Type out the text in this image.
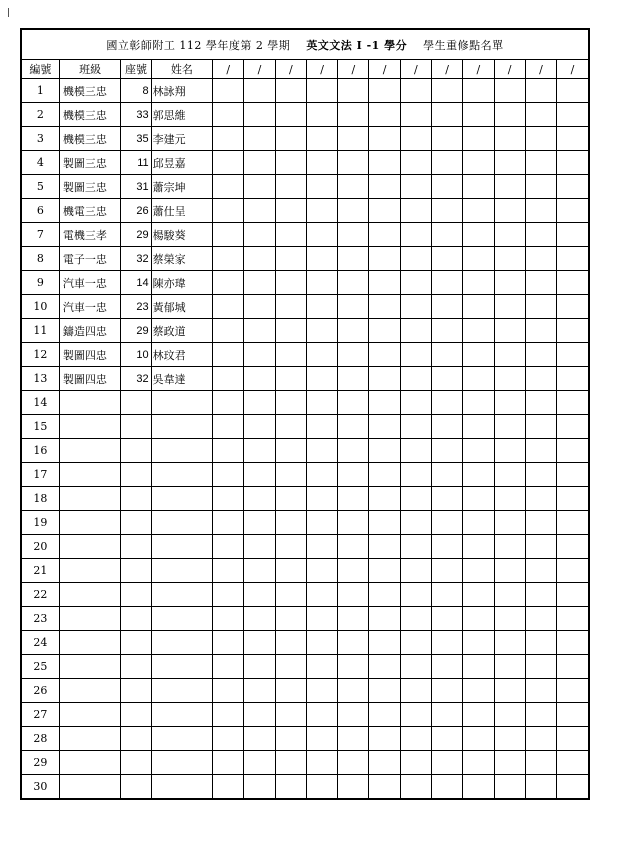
國立彰師附工 112 學年度第 2 學期 英文文法 I -1 學分 學生重修點名單															
編號	班級	座號	姓名	/	/	/	/	/	/	/	/	/	/	/	/
1	機模三忠	8	林詠翔												
2	機模三忠	33	郭思維												
3	機模三忠	35	李建元												
4	製圖三忠	11	邱昱嘉												
5	製圖三忠	31	蕭宗坤												
6	機電三忠	26	蕭仕呈												
7	電機三孝	29	楊駿葵												
8	電子一忠	32	蔡榮家												
9	汽車一忠	14	陳亦瑋												
10	汽車一忠	23	黃郁城												
11	鑄造四忠	29	蔡政道												
12	製圖四忠	10	林玟君												
13	製圖四忠	32	吳韋達												
14															
15															
16															
17															
18															
19															
20															
21															
22															
23															
24															
25															
26															
27															
28															
29															
30															
